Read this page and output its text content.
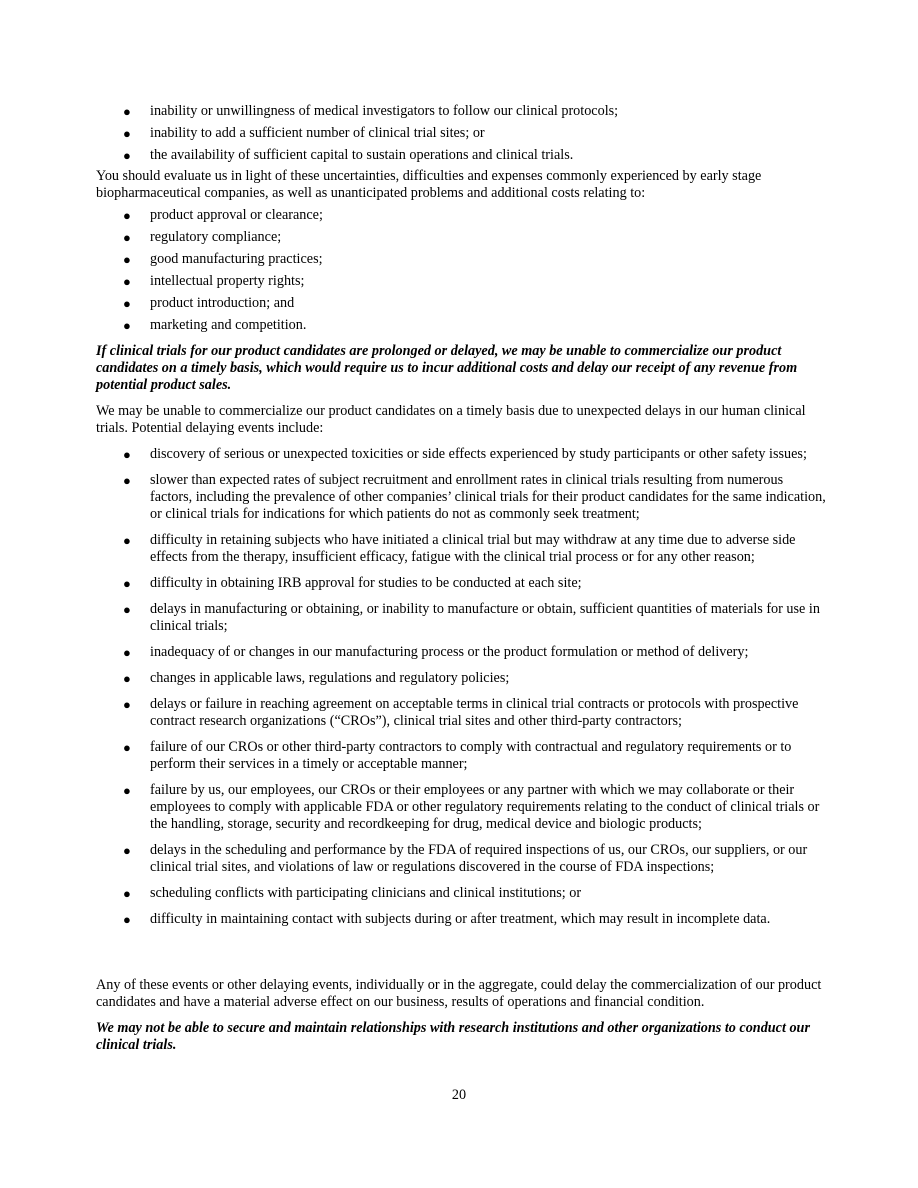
● inability or unwillingness of medical investigators to follow our clinical protocols;
● inability to add a sufficient number of clinical trial sites; or
● the availability of sufficient capital to sustain operations and clinical trials.

You should evaluate us in light of these uncertainties, difficulties and expenses commonly experienced by early stage biopharmaceutical companies, as well as unanticipated problems and additional costs relating to:

● product approval or clearance;
● regulatory compliance;
● good manufacturing practices;
● intellectual property rights;
● product introduction; and
● marketing and competition.

If clinical trials for our product candidates are prolonged or delayed, we may be unable to commercialize our product candidates on a timely basis, which would require us to incur additional costs and delay our receipt of any revenue from potential product sales.

We may be unable to commercialize our product candidates on a timely basis due to unexpected delays in our human clinical trials. Potential delaying events include:

● discovery of serious or unexpected toxicities or side effects experienced by study participants or other safety issues;
● slower than expected rates of subject recruitment and enrollment rates in clinical trials resulting from numerous factors, including the prevalence of other companies’ clinical trials for their product candidates for the same indication, or clinical trials for indications for which patients do not as commonly seek treatment;
● difficulty in retaining subjects who have initiated a clinical trial but may withdraw at any time due to adverse side effects from the therapy, insufficient efficacy, fatigue with the clinical trial process or for any other reason;
● difficulty in obtaining IRB approval for studies to be conducted at each site;
● delays in manufacturing or obtaining, or inability to manufacture or obtain, sufficient quantities of materials for use in clinical trials;
● inadequacy of or changes in our manufacturing process or the product formulation or method of delivery;
● changes in applicable laws, regulations and regulatory policies;
● delays or failure in reaching agreement on acceptable terms in clinical trial contracts or protocols with prospective contract research organizations (“CROs”), clinical trial sites and other third-party contractors;
● failure of our CROs or other third-party contractors to comply with contractual and regulatory requirements or to perform their services in a timely or acceptable manner;
● failure by us, our employees, our CROs or their employees or any partner with which we may collaborate or their employees to comply with applicable FDA or other regulatory requirements relating to the conduct of clinical trials or the handling, storage, security and recordkeeping for drug, medical device and biologic products;
● delays in the scheduling and performance by the FDA of required inspections of us, our CROs, our suppliers, or our clinical trial sites, and violations of law or regulations discovered in the course of FDA inspections;
● scheduling conflicts with participating clinicians and clinical institutions; or
● difficulty in maintaining contact with subjects during or after treatment, which may result in incomplete data.

Any of these events or other delaying events, individually or in the aggregate, could delay the commercialization of our product candidates and have a material adverse effect on our business, results of operations and financial condition.

We may not be able to secure and maintain relationships with research institutions and other organizations to conduct our clinical trials.

20
